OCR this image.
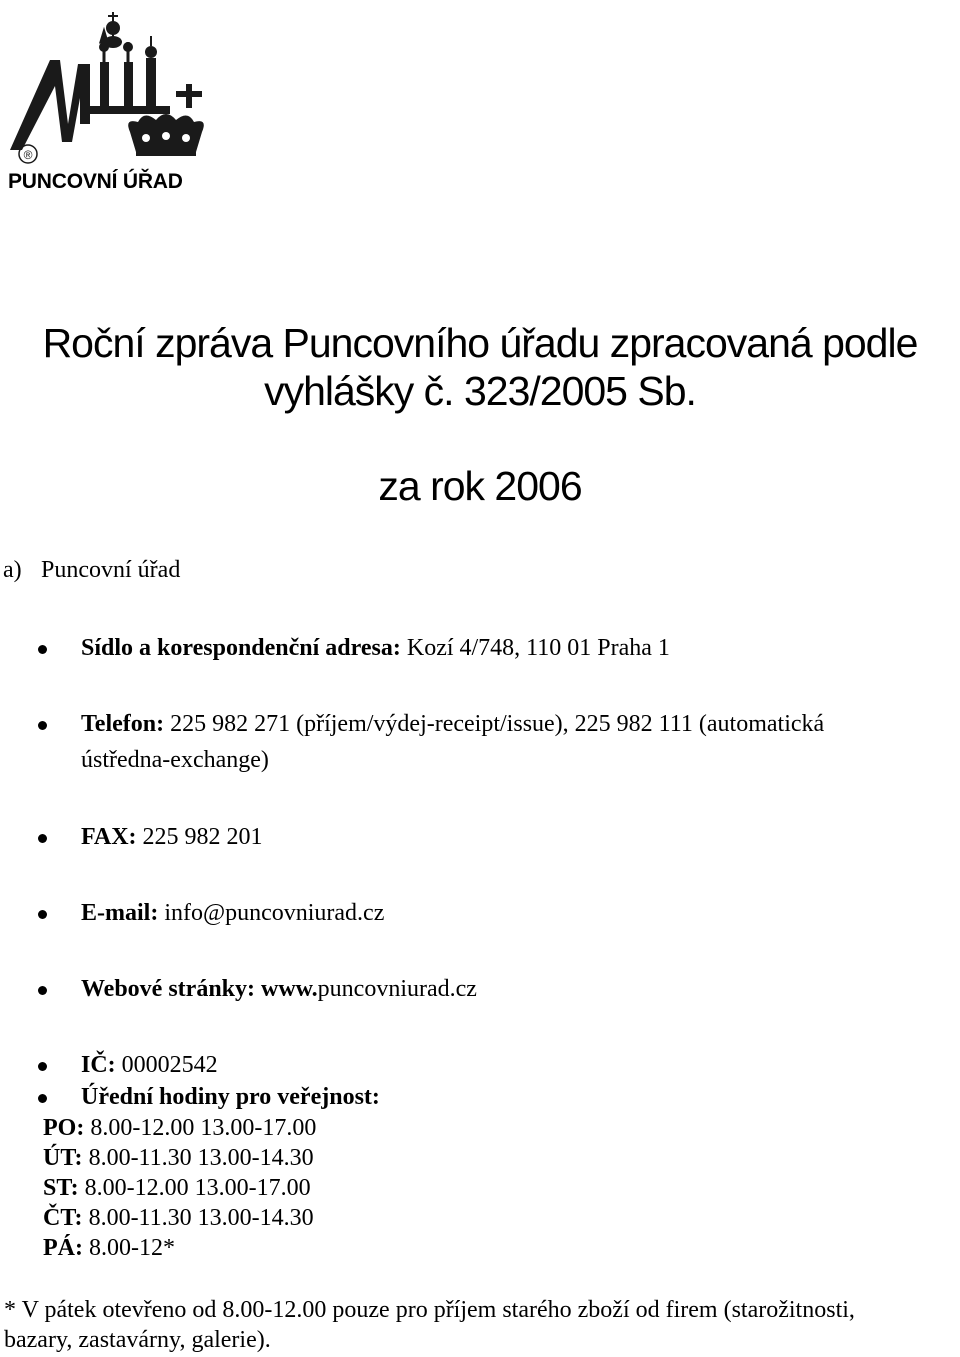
®
PUNCOVNÍ ÚŘAD
Roční zpráva Puncovního úřadu zpracovaná podle
vyhlášky č. 323/2005 Sb.
za rok 2006
a) Puncovní úřad
Sídlo a korespondenční adresa: Kozí 4/748, 110 01 Praha 1
Telefon: 225 982 271 (příjem/výdej-receipt/issue), 225 982 111 (automatická
ústředna-exchange)
FAX: 225 982 201
E-mail: info@puncovniurad.cz
Webové stránky: www.puncovniurad.cz
IČ: 00002542
Úřední hodiny pro veřejnost:
PO: 8.00-12.00 13.00-17.00
ÚT: 8.00-11.30 13.00-14.30
ST: 8.00-12.00 13.00-17.00
ČT: 8.00-11.30 13.00-14.30
PÁ: 8.00-12*
* V pátek otevřeno od 8.00-12.00 pouze pro příjem starého zboží od firem (starožitnosti,
bazary, zastavárny, galerie).
